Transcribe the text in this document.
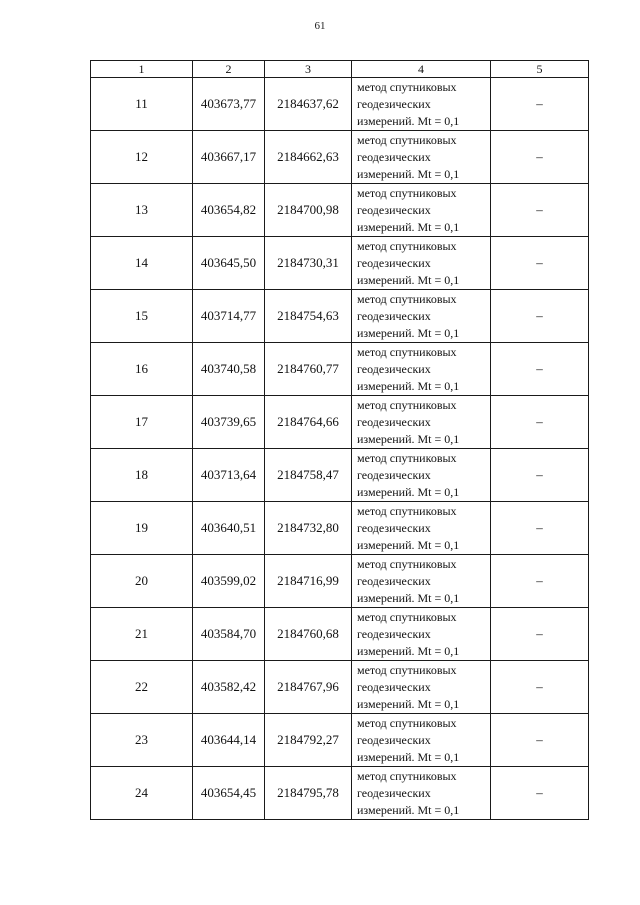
61
1	2	3	4	5
11	403673,77	2184637,62	метод спутниковых
геодезических
измерений. Mt = 0,1	–
12	403667,17	2184662,63	метод спутниковых
геодезических
измерений. Mt = 0,1	–
13	403654,82	2184700,98	метод спутниковых
геодезических
измерений. Mt = 0,1	–
14	403645,50	2184730,31	метод спутниковых
геодезических
измерений. Mt = 0,1	–
15	403714,77	2184754,63	метод спутниковых
геодезических
измерений. Mt = 0,1	–
16	403740,58	2184760,77	метод спутниковых
геодезических
измерений. Mt = 0,1	–
17	403739,65	2184764,66	метод спутниковых
геодезических
измерений. Mt = 0,1	–
18	403713,64	2184758,47	метод спутниковых
геодезических
измерений. Mt = 0,1	–
19	403640,51	2184732,80	метод спутниковых
геодезических
измерений. Mt = 0,1	–
20	403599,02	2184716,99	метод спутниковых
геодезических
измерений. Mt = 0,1	–
21	403584,70	2184760,68	метод спутниковых
геодезических
измерений. Mt = 0,1	–
22	403582,42	2184767,96	метод спутниковых
геодезических
измерений. Mt = 0,1	–
23	403644,14	2184792,27	метод спутниковых
геодезических
измерений. Mt = 0,1	–
24	403654,45	2184795,78	метод спутниковых
геодезических
измерений. Mt = 0,1	–
